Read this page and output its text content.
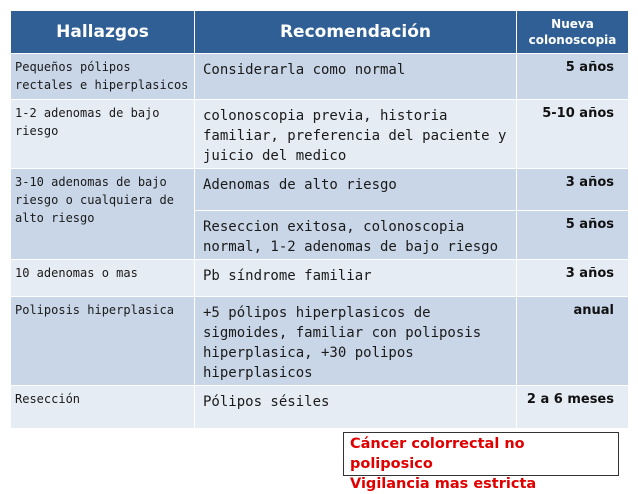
Hallazgos	Recomendación	Nueva
colonoscopia
Pequeños pólipos rectales e hiperplasicos	Considerarla como normal	5 años
1-2 adenomas de bajo riesgo	colonoscopia previa, historia familiar, preferencia del paciente y juicio del medico	5-10 años
3-10 adenomas de bajo riesgo o cualquiera de alto riesgo	Adenomas de alto riesgo	3 años
	Reseccion exitosa, colonoscopia normal, 1-2 adenomas de bajo riesgo	5 años
10 adenomas o mas	Pb síndrome familiar	3 años
Poliposis hiperplasica	+5 pólipos hiperplasicos de sigmoides, familiar con poliposis hiperplasica, +30 polipos hiperplasicos	anual
Resección	Pólipos sésiles	2 a 6 meses
Cáncer colorrectal no poliposico
Vigilancia mas estricta
